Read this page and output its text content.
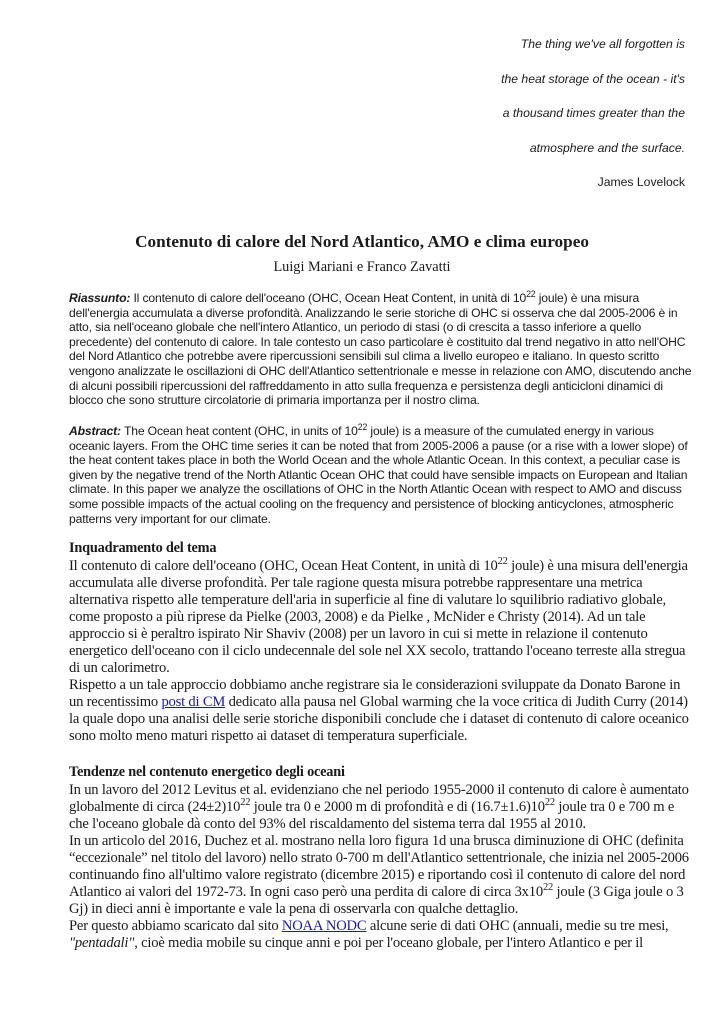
The thing we've all forgotten is
the heat storage of the ocean - it's
a thousand times greater than the
atmosphere and the surface.
James Lovelock
Contenuto di calore del Nord Atlantico, AMO e clima europeo
Luigi Mariani e Franco Zavatti
Riassunto: Il contenuto di calore dell'oceano (OHC, Ocean Heat Content, in unità di $10^{22}$ joule) è una misura dell'energia accumulata a diverse profondità. Analizzando le serie storiche di OHC si osserva che dal 2005-2006 è in atto, sia nell'oceano globale che nell'intero Atlantico, un periodo di stasi (o di crescita a tasso inferiore a quello precedente) del contenuto di calore. In tale contesto un caso particolare è costituito dal trend negativo in atto nell'OHC del Nord Atlantico che potrebbe avere ripercussioni sensibili sul clima a livello europeo e italiano. In questo scritto vengono analizzate le oscillazioni di OHC dell'Atlantico settentrionale e messe in relazione con AMO, discutendo anche di alcuni possibili ripercussioni del raffreddamento in atto sulla frequenza e persistenza degli anticicloni dinamici di blocco che sono strutture circolatorie di primaria importanza per il nostro clima.
Abstract: The Ocean heat content (OHC, in units of $10^{22}$ joule) is a measure of the cumulated energy in various oceanic layers. From the OHC time series it can be noted that from 2005-2006 a pause (or a rise with a lower slope) of the heat content takes place in both the World Ocean and the whole Atlantic Ocean. In this context, a peculiar case is given by the negative trend of the North Atlantic Ocean OHC that could have sensible impacts on European and Italian climate. In this paper we analyze the oscillations of OHC in the North Atlantic Ocean with respect to AMO and discuss some possible impacts of the actual cooling on the frequency and persistence of blocking anticyclones, atmospheric patterns very important for our climate.
Inquadramento del tema

Il contenuto di calore dell'oceano (OHC, Ocean Heat Content, in unità di $10^{22}$ joule) è una misura dell'energia accumulata alle diverse profondità. Per tale ragione questa misura potrebbe rappresentare una metrica alternativa rispetto alle temperature dell'aria in superficie al fine di valutare lo squilibrio radiativo globale, come proposto a più riprese da Pielke (2003, 2008) e da Pielke , McNider e Christy (2014). Ad un tale approccio si è peraltro ispirato Nir Shaviv (2008) per un lavoro in cui si mette in relazione il contenuto energetico dell'oceano con il ciclo undecennale del sole nel XX secolo, trattando l'oceano terreste alla stregua di un calorimetro.

Rispetto a un tale approccio dobbiamo anche registrare sia le considerazioni sviluppate da Donato Barone in un recentissimo post di CM dedicato alla pausa nel Global warming che la voce critica di Judith Curry (2014) la quale dopo una analisi delle serie storiche disponibili conclude che i dataset di contenuto di calore oceanico sono molto meno maturi rispetto ai dataset di temperatura superficiale.

Tendenze nel contenuto energetico degli oceani

In un lavoro del 2012 Levitus et al. evidenziano che nel periodo 1955-2000 il contenuto di calore è aumentato globalmente di circa $(24\pm 2)10^{22}$ joule tra 0 e 2000 m di profondità e di $(16.7\pm 1.6)10^{22}$ joule tra 0 e 700 m e che l'oceano globale dà conto del 93% del riscaldamento del sistema terra dal 1955 al 2010.

In un articolo del 2016, Duchez et al. mostrano nella loro figura 1d una brusca diminuzione di OHC (definita “eccezionale” nel titolo del lavoro) nello strato 0-700 m dell'Atlantico settentrionale, che inizia nel 2005-2006 continuando fino all'ultimo valore registrato (dicembre 2015) e riportando così il contenuto di calore del nord Atlantico ai valori del 1972-73. In ogni caso però una perdita di calore di circa $3x10^{22}$ joule (3 Giga joule o 3 Gj) in dieci anni è importante e vale la pena di osservarla con qualche dettaglio.

Per questo abbiamo scaricato dal sito NOAA NODC alcune serie di dati OHC (annuali, medie su tre mesi, "pentadali", cioè media mobile su cinque anni e poi per l'oceano globale, per l'intero Atlantico e per il
